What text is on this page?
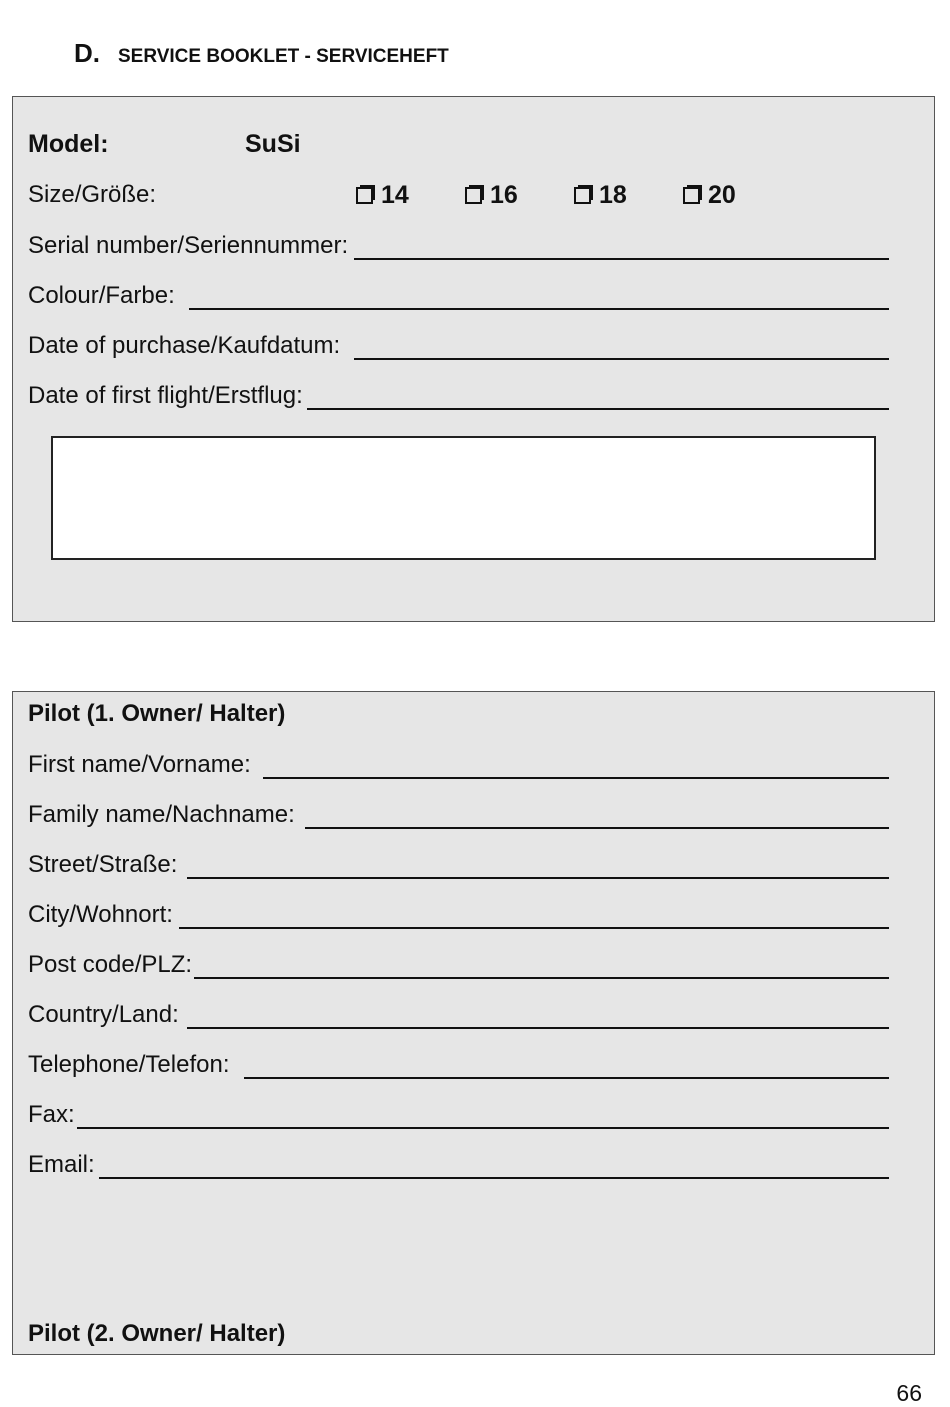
D. SERVICE BOOKLET - SERVICEHEFT
Model:	SuSi
Size/Größe:	14	16	18	20
Serial number/Seriennummer:
Colour/Farbe:
Date of purchase/Kaufdatum:
Date of first flight/Erstflug:
Pilot (1. Owner/ Halter)
First name/Vorname:
Family name/Nachname:
Street/Straße:
City/Wohnort:
Post code/PLZ:
Country/Land:
Telephone/Telefon:
Fax:
Email:
Pilot (2. Owner/ Halter)
66
